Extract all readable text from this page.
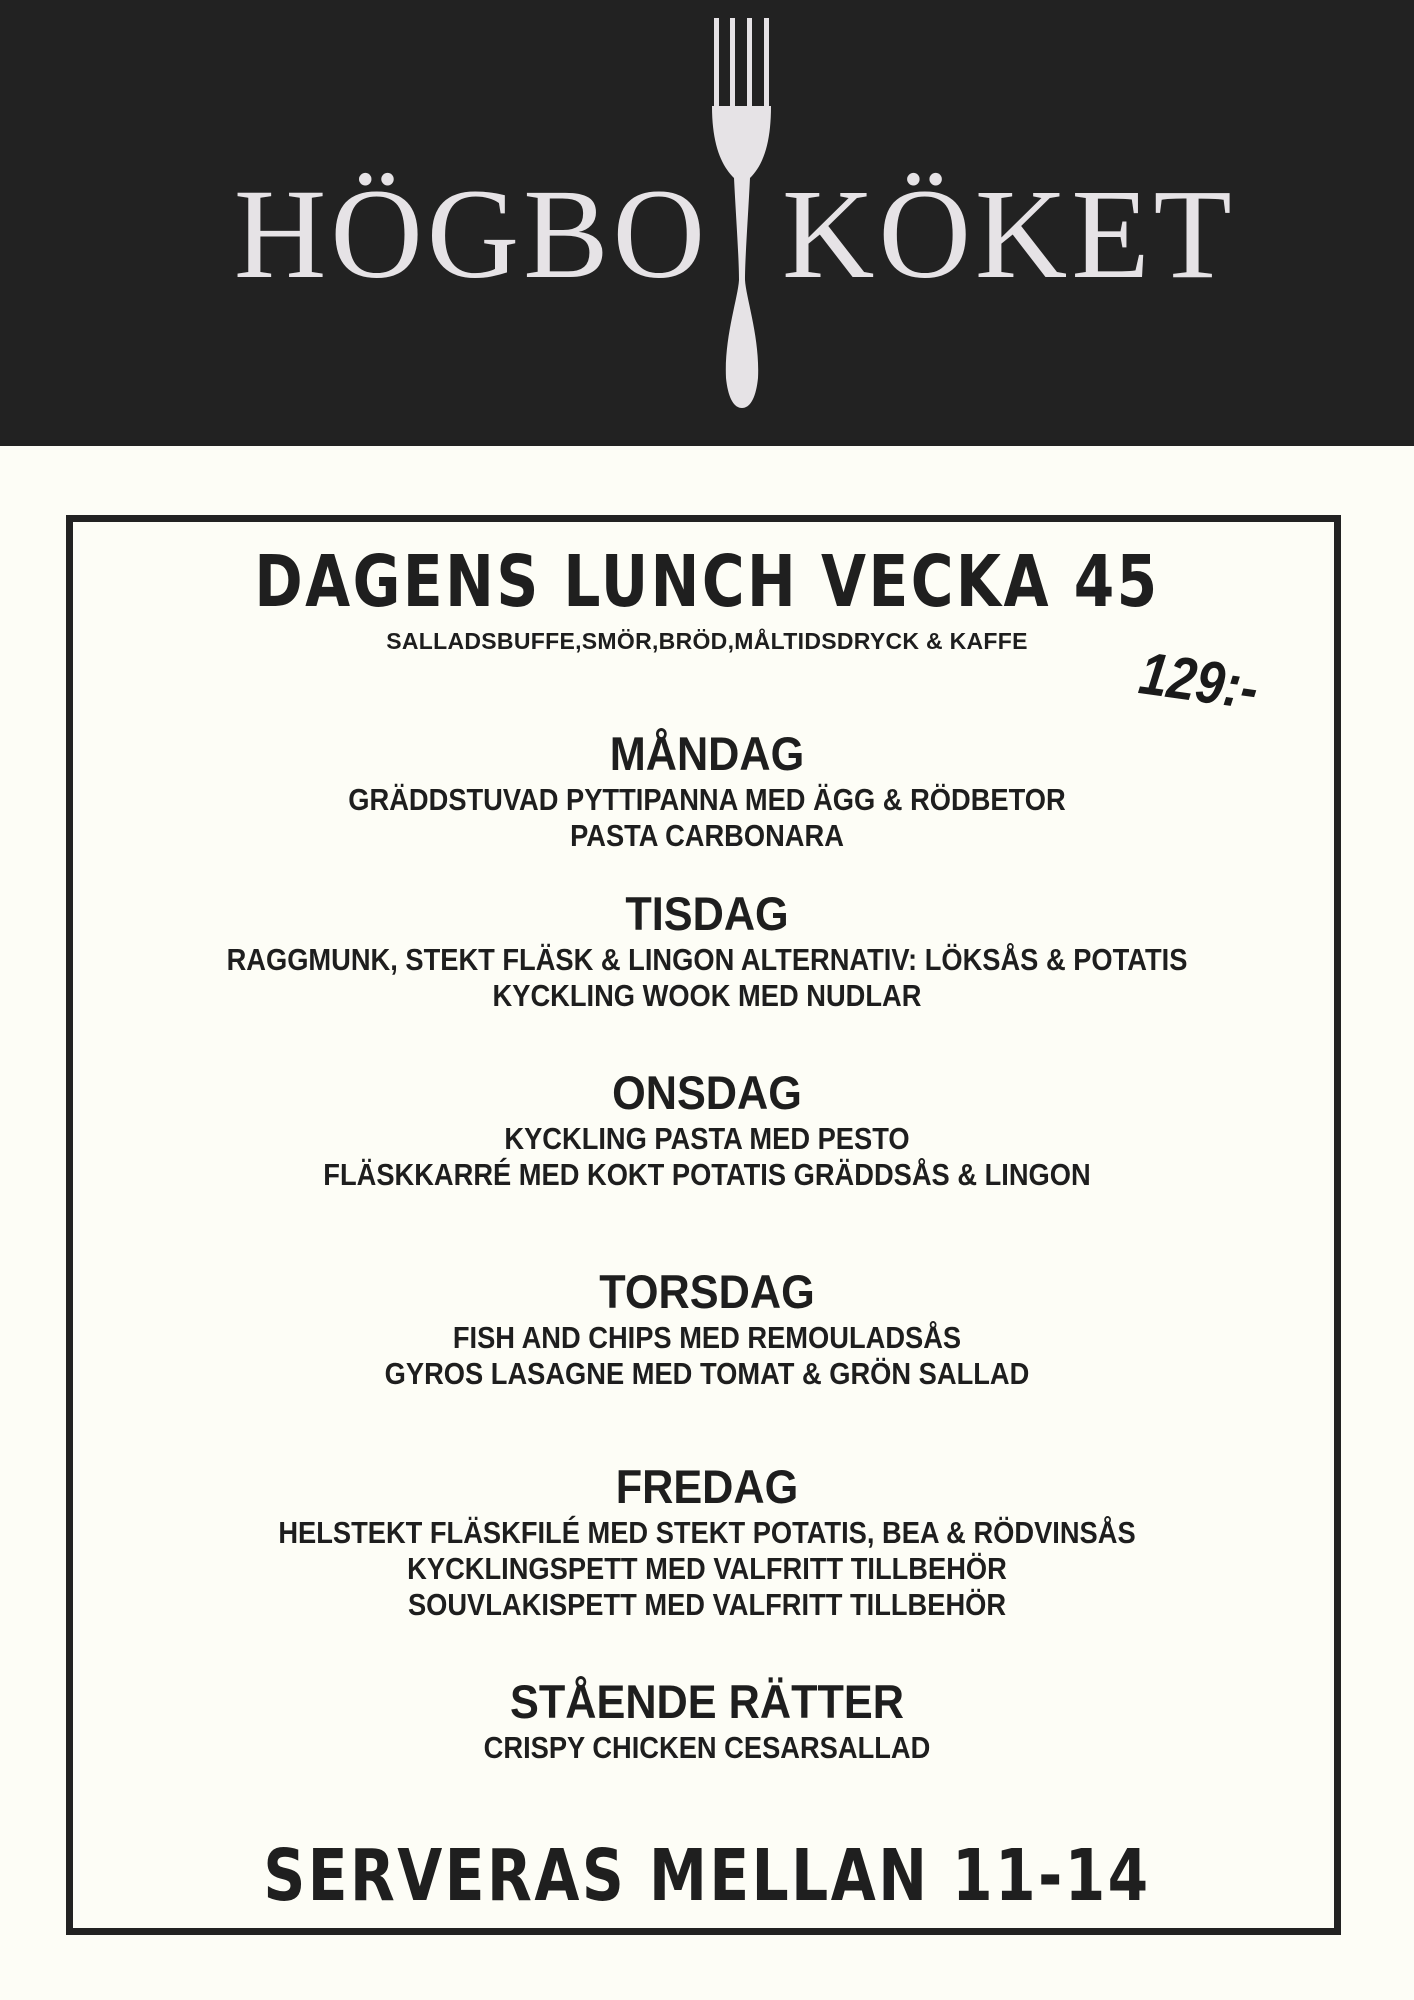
HÖGBO KÖKET
DAGENS LUNCH VECKA 45
SALLADSBUFFE,SMÖR,BRÖD,MÅLTIDSDRYCK & KAFFE	129:-
MÅNDAG
GRÄDDSTUVAD PYTTIPANNA MED ÄGG & RÖDBETOR
PASTA CARBONARA
TISDAG
RAGGMUNK, STEKT FLÄSK & LINGON ALTERNATIV: LÖKSÅS & POTATIS
KYCKLING WOOK MED NUDLAR
ONSDAG
KYCKLING PASTA MED PESTO
FLÄSKKARRÉ MED KOKT POTATIS GRÄDDSÅS & LINGON
TORSDAG
FISH AND CHIPS MED REMOULADSÅS
GYROS LASAGNE MED TOMAT & GRÖN SALLAD
FREDAG
HELSTEKT FLÄSKFILÉ MED STEKT POTATIS, BEA & RÖDVINSÅS
KYCKLINGSPETT MED VALFRITT TILLBEHÖR
SOUVLAKISPETT MED VALFRITT TILLBEHÖR
STÅENDE RÄTTER
CRISPY CHICKEN CESARSALLAD
SERVERAS MELLAN 11-14
